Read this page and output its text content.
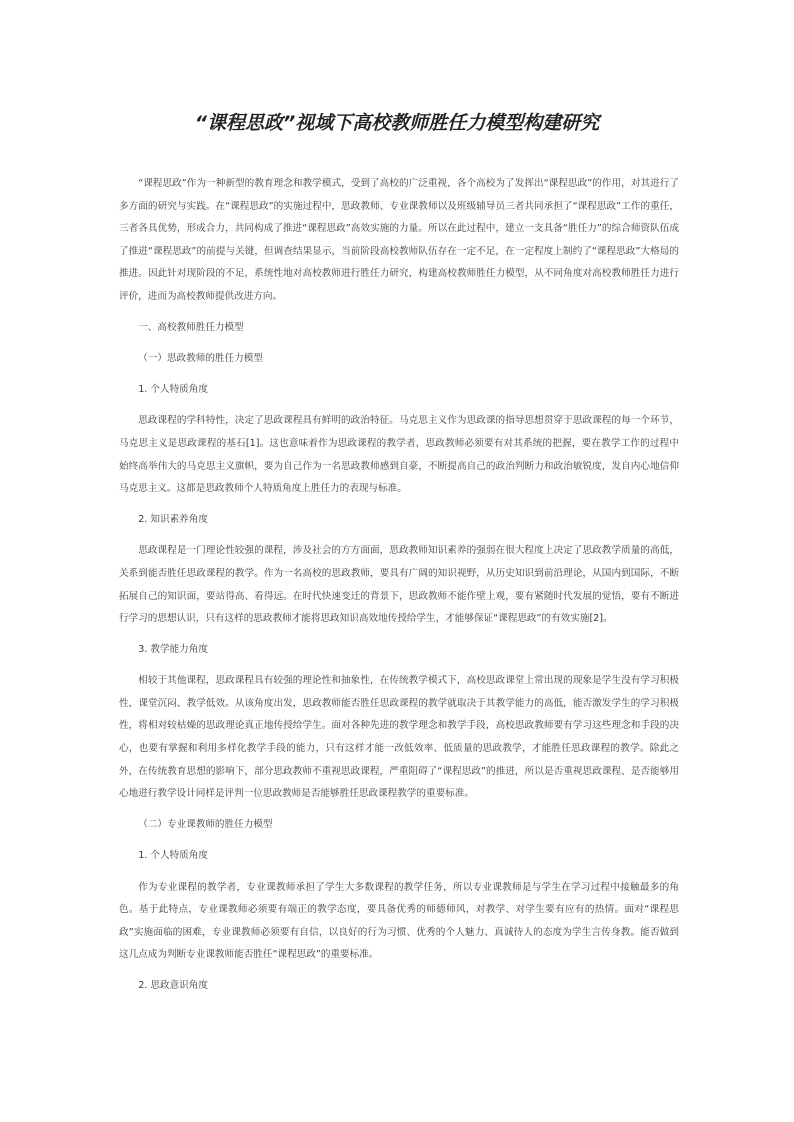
“课程思政”视域下高校教师胜任力模型构建研究

“课程思政”作为一种新型的教育理念和教学模式，受到了高校的广泛重视，各个高校为了发挥出“课程思政”的作用，对其进行了多方面的研究与实践。在“课程思政”的实施过程中，思政教师、专业课教师以及班级辅导员三者共同承担了“课程思政”工作的重任，三者各具优势，形成合力，共同构成了推进“课程思政”高效实施的力量。所以在此过程中，建立一支具备“胜任力”的综合师资队伍成了推进“课程思政”的前提与关键，但调查结果显示，当前阶段高校教师队伍存在一定不足，在一定程度上制约了“课程思政”大格局的推进。因此针对现阶段的不足，系统性地对高校教师进行胜任力研究，构建高校教师胜任力模型，从不同角度对高校教师胜任力进行评价，进而为高校教师提供改进方向。

一、高校教师胜任力模型

（一）思政教师的胜任力模型

1. 个人特质角度

思政课程的学科特性，决定了思政课程具有鲜明的政治特征。马克思主义作为思政课的指导思想贯穿于思政课程的每一个环节，马克思主义是思政课程的基石[1]。这也意味着作为思政课程的教学者，思政教师必须要有对其系统的把握，要在教学工作的过程中始终高举伟大的马克思主义旗帜，要为自己作为一名思政教师感到自豪，不断提高自己的政治判断力和政治敏锐度，发自内心地信仰马克思主义。这都是思政教师个人特质角度上胜任力的表现与标准。

2. 知识素养角度

思政课程是一门理论性较强的课程，涉及社会的方方面面，思政教师知识素养的强弱在很大程度上决定了思政教学质量的高低，关系到能否胜任思政课程的教学。作为一名高校的思政教师，要具有广阔的知识视野，从历史知识到前沿理论，从国内到国际，不断拓展自己的知识面，要站得高、看得远。在时代快速变迁的背景下，思政教师不能作壁上观，要有紧随时代发展的觉悟，要有不断进行学习的思想认识，只有这样的思政教师才能将思政知识高效地传授给学生，才能够保证“课程思政”的有效实施[2]。

3. 教学能力角度

相较于其他课程，思政课程具有较强的理论性和抽象性，在传统教学模式下，高校思政课堂上常出现的现象是学生没有学习积极性，课堂沉闷、教学低效。从该角度出发，思政教师能否胜任思政课程的教学就取决于其教学能力的高低，能否激发学生的学习积极性，将相对较枯燥的思政理论真正地传授给学生。面对各种先进的教学理念和教学手段，高校思政教师要有学习这些理念和手段的决心，也要有掌握和利用多样化教学手段的能力，只有这样才能一改低效率、低质量的思政教学，才能胜任思政课程的教学。除此之外，在传统教育思想的影响下，部分思政教师不重视思政课程，严重阻碍了“课程思政”的推进，所以是否重视思政课程、是否能够用心地进行教学设计同样是评判一位思政教师是否能够胜任思政课程教学的重要标准。

（二）专业课教师的胜任力模型

1. 个人特质角度

作为专业课程的教学者，专业课教师承担了学生大多数课程的教学任务，所以专业课教师是与学生在学习过程中接触最多的角色。基于此特点，专业课教师必须要有端正的教学态度，要具备优秀的师德师风，对教学、对学生要有应有的热情。面对“课程思政”实施面临的困难，专业课教师必须要有自信，以良好的行为习惯、优秀的个人魅力、真诚待人的态度为学生言传身教。能否做到这几点成为判断专业课教师能否胜任“课程思政”的重要标准。

2. 思政意识角度
